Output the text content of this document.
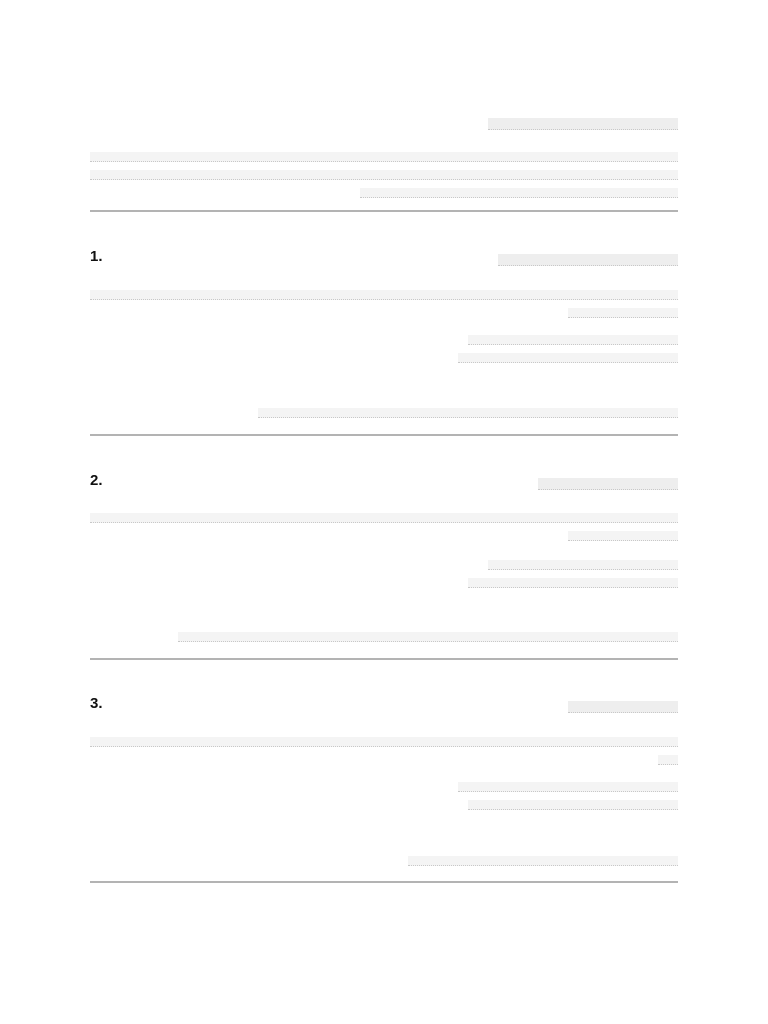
1.
2.
3.
